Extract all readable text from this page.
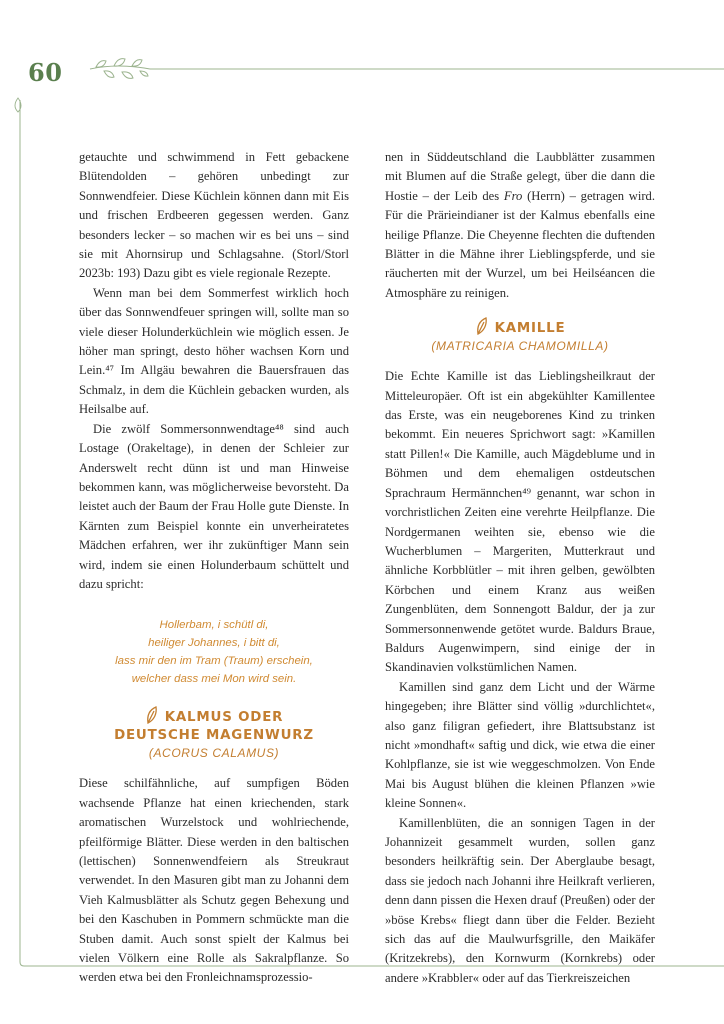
60

getauchte und schwimmend in Fett gebackene Blütendolden – gehören unbedingt zur Sonnwendfeier. Diese Küchlein können dann mit Eis und frischen Erdbeeren gegessen werden. Ganz besonders lecker – so machen wir es bei uns – sind sie mit Ahornsirup und Schlagsahne. (Storl/Storl 2023b: 193) Dazu gibt es viele regionale Rezepte.

Wenn man bei dem Sommerfest wirklich hoch über das Sonnwendfeuer springen will, sollte man so viele dieser Holunderküchlein wie möglich essen. Je höher man springt, desto höher wachsen Korn und Lein.⁴⁷ Im Allgäu bewahren die Bauersfrauen das Schmalz, in dem die Küchlein gebacken wurden, als Heilsalbe auf.

Die zwölf Sommersonnwendtage⁴⁸ sind auch Lostage (Orakeltage), in denen der Schleier zur Anderswelt recht dünn ist und man Hinweise bekommen kann, was möglicherweise bevorsteht. Da leistet auch der Baum der Frau Holle gute Dienste. In Kärnten zum Beispiel konnte ein unverheiratetes Mädchen erfahren, wer ihr zukünftiger Mann sein wird, indem sie einen Holunderbaum schüttelt und dazu spricht:

Hollerbam, i schütl di,
heiliger Johannes, i bitt di,
lass mir den im Tram (Traum) erschein,
welcher dass mei Mon wird sein.
KALMUS ODER
DEUTSCHE MAGENWURZ
(ACORUS CALAMUS)

Diese schilfähnliche, auf sumpfigen Böden wachsende Pflanze hat einen kriechenden, stark aromatischen Wurzelstock und wohlriechende, pfeilförmige Blätter. Diese werden in den baltischen (lettischen) Sonnenwendfeiern als Streukraut verwendet. In den Masuren gibt man zu Johanni dem Vieh Kalmusblätter als Schutz gegen Behexung und bei den Kaschuben in Pommern schmückte man die Stuben damit. Auch sonst spielt der Kalmus bei vielen Völkern eine Rolle als Sakralpflanze. So werden etwa bei den Fronleichnamsprozessio-

nen in Süddeutschland die Laubblätter zusammen mit Blumen auf die Straße gelegt, über die dann die Hostie – der Leib des Fro (Herrn) – getragen wird. Für die Prärieindianer ist der Kalmus ebenfalls eine heilige Pflanze. Die Cheyenne flechten die duftenden Blätter in die Mähne ihrer Lieblingspferde, und sie räucherten mit der Wurzel, um bei Heilséancen die Atmosphäre zu reinigen.

KAMILLE
(MATRICARIA CHAMOMILLA)

Die Echte Kamille ist das Lieblingsheilkraut der Mitteleuropäer. Oft ist ein abgekühlter Kamillentee das Erste, was ein neugeborenes Kind zu trinken bekommt. Ein neueres Sprichwort sagt: »Kamillen statt Pillen!« Die Kamille, auch Mägdeblume und in Böhmen und dem ehemaligen ostdeutschen Sprachraum Hermännchen⁴⁹ genannt, war schon in vorchristlichen Zeiten eine verehrte Heilpflanze. Die Nordgermanen weihten sie, ebenso wie die Wucherblumen – Margeriten, Mutterkraut und ähnliche Korbblütler – mit ihren gelben, gewölbten Körbchen und einem Kranz aus weißen Zungenblüten, dem Sonnengott Baldur, der ja zur Sommersonnenwende getötet wurde. Baldurs Braue, Baldurs Augenwimpern, sind einige der in Skandinavien volkstümlichen Namen.

Kamillen sind ganz dem Licht und der Wärme hingegeben; ihre Blätter sind völlig »durchlichtet«, also ganz filigran gefiedert, ihre Blattsubstanz ist nicht »mondhaft« saftig und dick, wie etwa die einer Kohlpflanze, sie ist wie weggeschmolzen. Von Ende Mai bis August blühen die kleinen Pflanzen »wie kleine Sonnen«.

Kamillenblüten, die an sonnigen Tagen in der Johannizeit gesammelt wurden, sollen ganz besonders heilkräftig sein. Der Aberglaube besagt, dass sie jedoch nach Johanni ihre Heilkraft verlieren, denn dann pissen die Hexen drauf (Preußen) oder der »böse Krebs« fliegt dann über die Felder. Bezieht sich das auf die Maulwurfsgrille, den Maikäfer (Kritzekrebs), den Kornwurm (Kornkrebs) oder andere »Krabbler« oder auf das Tierkreiszeichen
